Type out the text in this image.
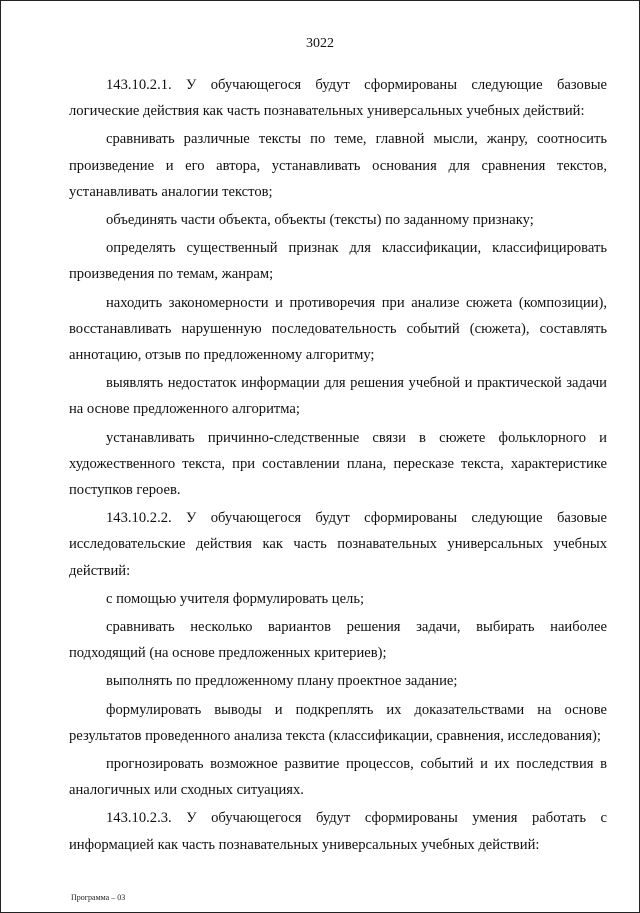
3022

143.10.2.1. У обучающегося будут сформированы следующие базовые логические действия как часть познавательных универсальных учебных действий:

сравнивать различные тексты по теме, главной мысли, жанру, соотносить произведение и его автора, устанавливать основания для сравнения текстов, устанавливать аналогии текстов;

объединять части объекта, объекты (тексты) по заданному признаку;

определять существенный признак для классификации, классифицировать произведения по темам, жанрам;

находить закономерности и противоречия при анализе сюжета (композиции), восстанавливать нарушенную последовательность событий (сюжета), составлять аннотацию, отзыв по предложенному алгоритму;

выявлять недостаток информации для решения учебной и практической задачи на основе предложенного алгоритма;

устанавливать причинно-следственные связи в сюжете фольклорного и художественного текста, при составлении плана, пересказе текста, характеристике поступков героев.

143.10.2.2. У обучающегося будут сформированы следующие базовые исследовательские действия как часть познавательных универсальных учебных действий:

с помощью учителя формулировать цель;

сравнивать несколько вариантов решения задачи, выбирать наиболее подходящий (на основе предложенных критериев);

выполнять по предложенному плану проектное задание;

формулировать выводы и подкреплять их доказательствами на основе результатов проведенного анализа текста (классификации, сравнения, исследования);

прогнозировать возможное развитие процессов, событий и их последствия в аналогичных или сходных ситуациях.

143.10.2.3. У обучающегося будут сформированы умения работать с информацией как часть познавательных универсальных учебных действий:

Программа – 03
